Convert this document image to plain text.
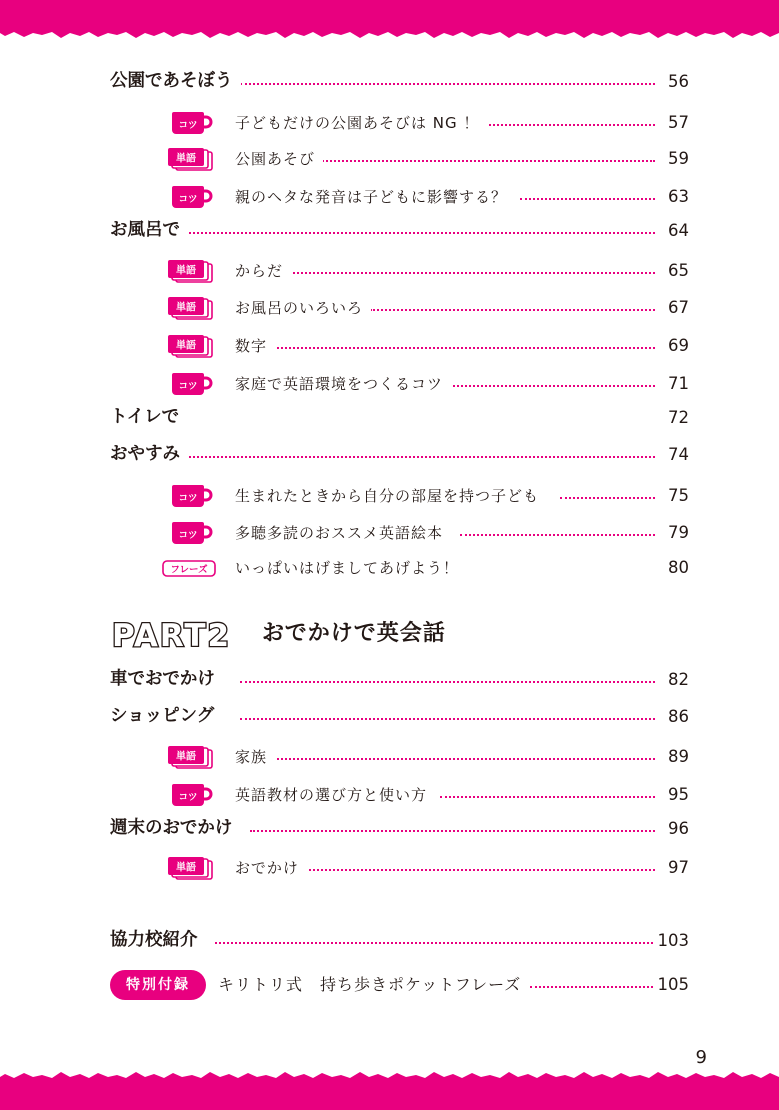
公園であそぼう	56
コツ 子どもだけの公園あそびは NG ！	57
単語	公園あそび	59
コツ 親のヘタな発音は子どもに影響する？	63
お風呂で	64
単語	からだ	65
単語	お風呂のいろいろ	67
単語	数字	69
コツ 家庭で英語環境をつくるコツ	71
トイレで	72
おやすみ	74
コツ 生まれたときから自分の部屋を持つ子ども	75
コツ 多聴多読のおススメ英語絵本	79
フレーズ いっぱいはげましてあげよう！	80
PART2 おでかけで英会話
車でおでかけ	82
ショッピング	86
単語	家族	89
コツ 英語教材の選び方と使い方	95
週末のおでかけ	96
単語	おでかけ	97
協力校紹介	103
特別付録	キリトリ式　持ち歩きポケットフレーズ	105
9
